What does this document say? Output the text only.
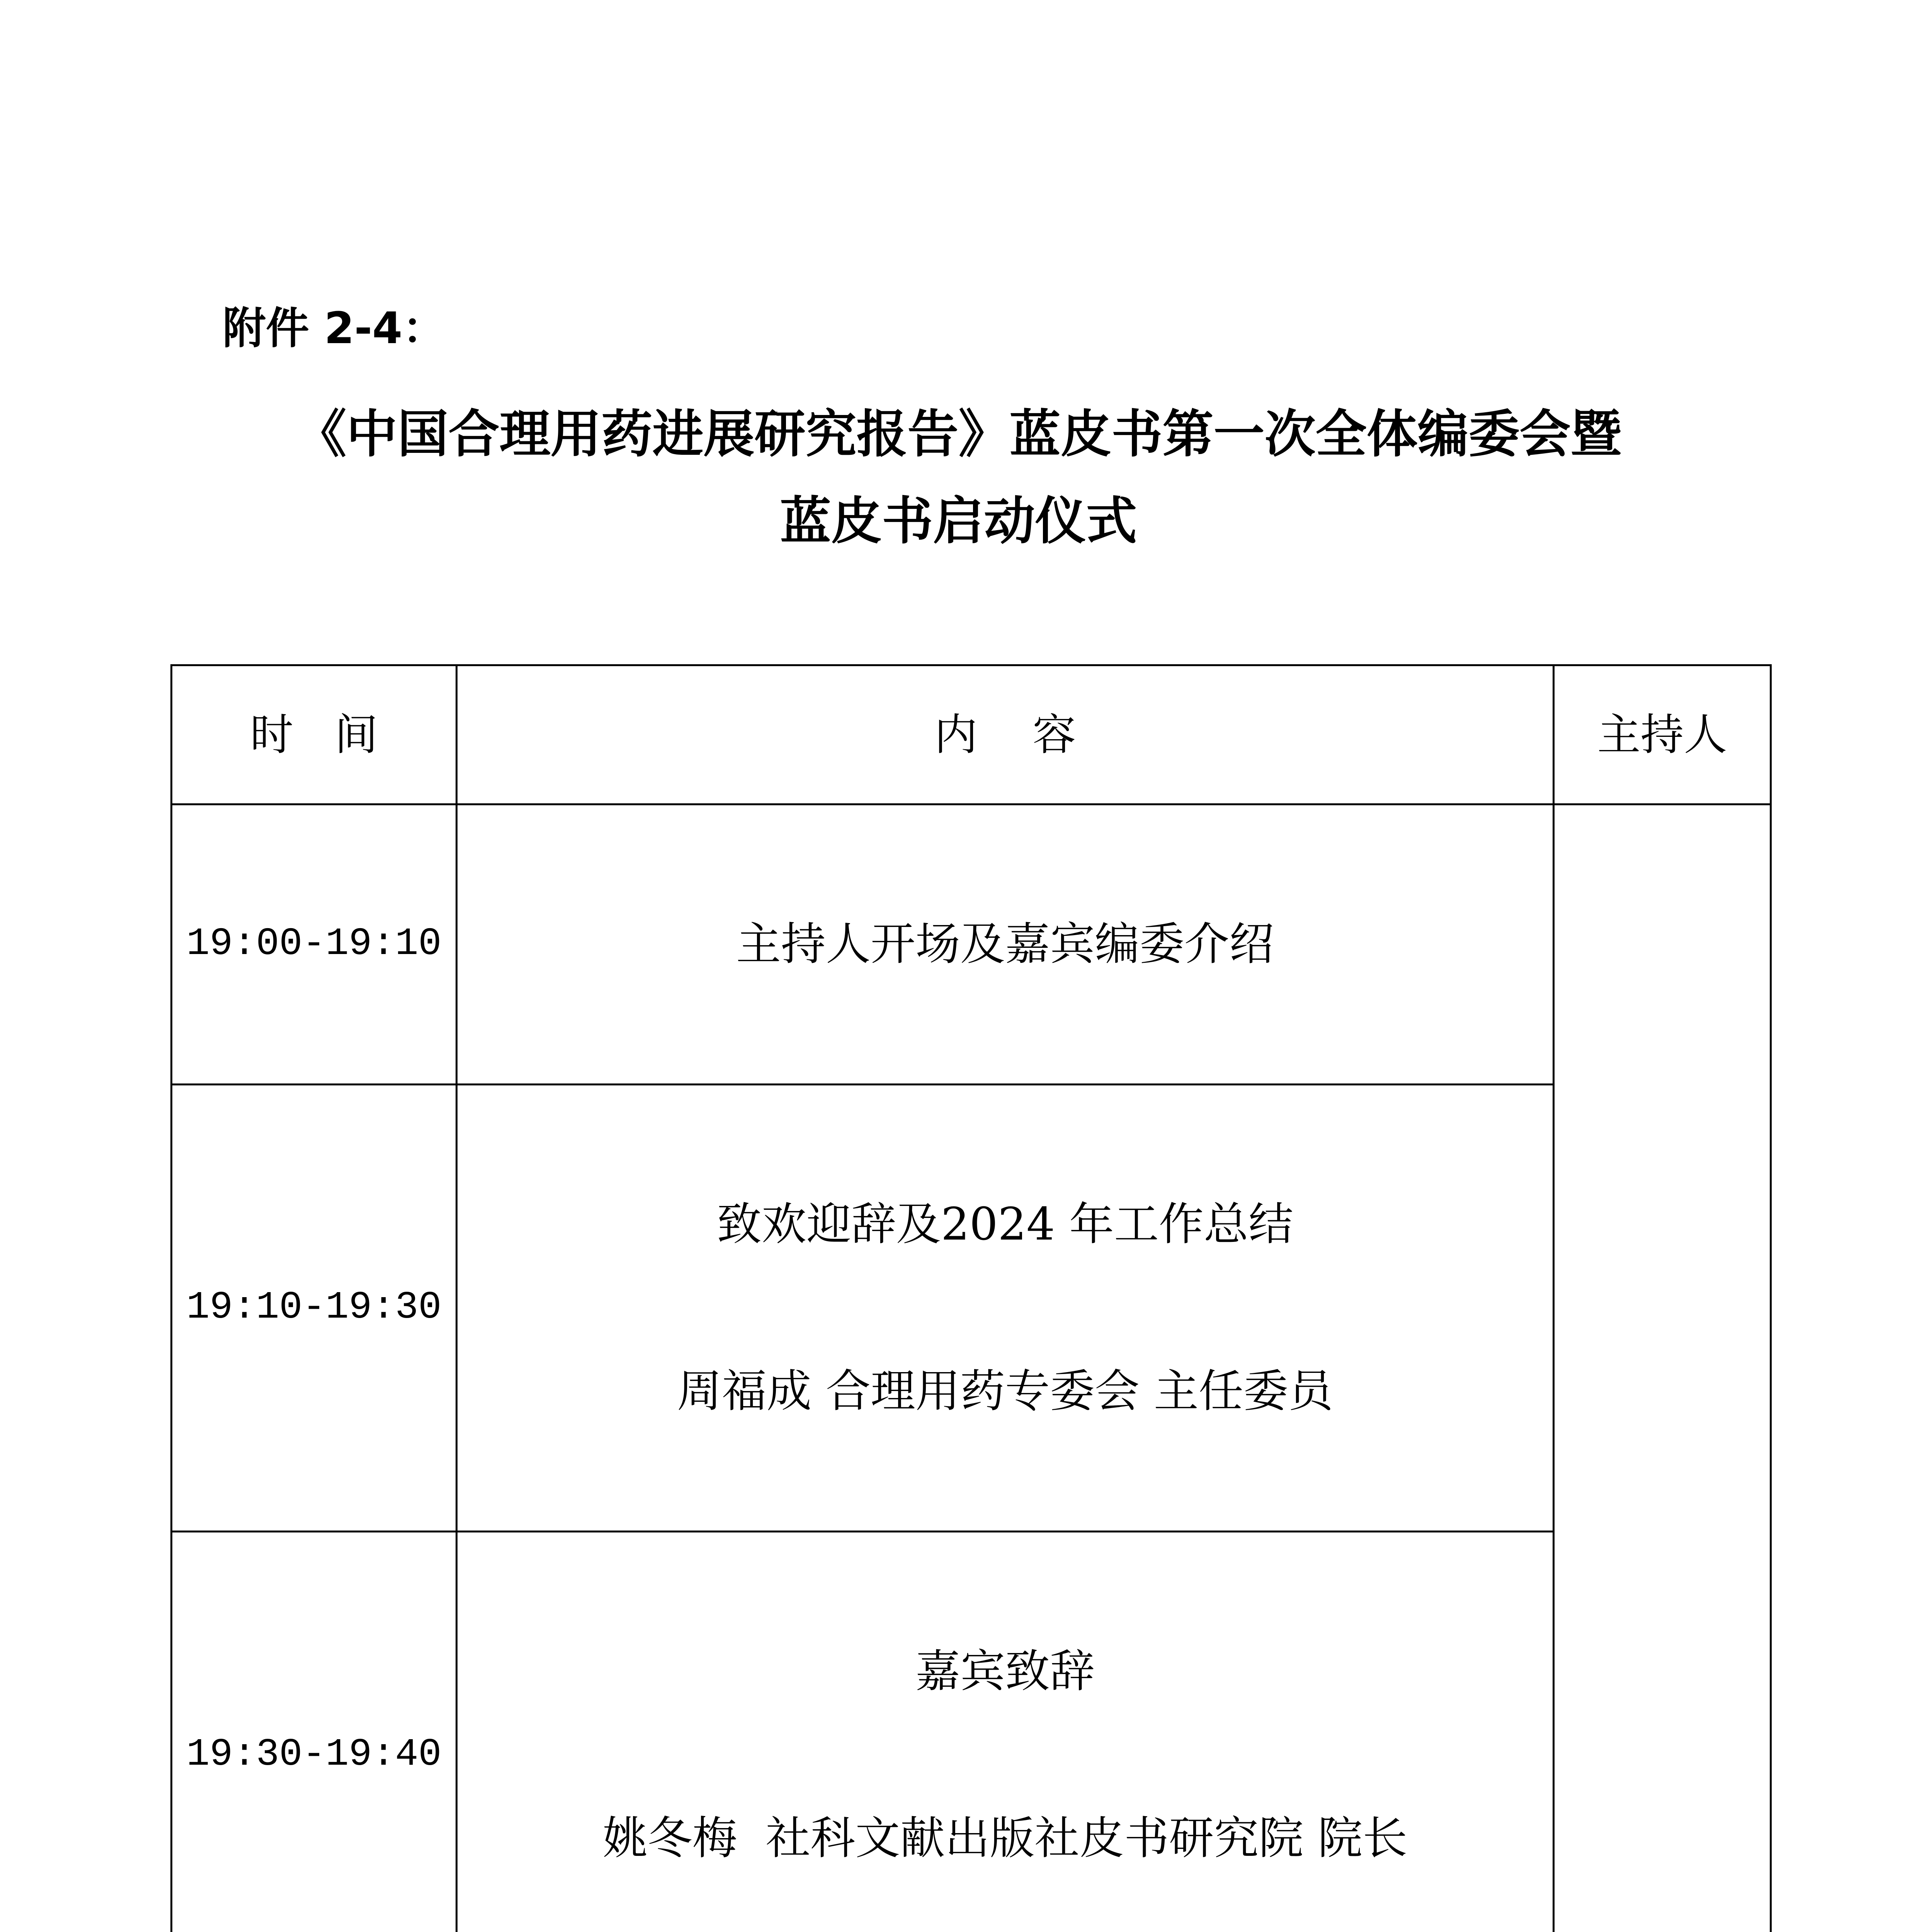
附件 2-4：
《中国合理用药进展研究报告》蓝皮书第一次全体编委会暨
蓝皮书启动仪式
时   间	内    容	主持人
19:00-19:10	主持人开场及嘉宾编委介绍

19:10-19:30	致欢迎辞及2024 年工作总结

周福成 合理用药专委会 主任委员	

19:30-19:40	嘉宾致辞

姚冬梅  社科文献出版社皮书研究院 院长	
